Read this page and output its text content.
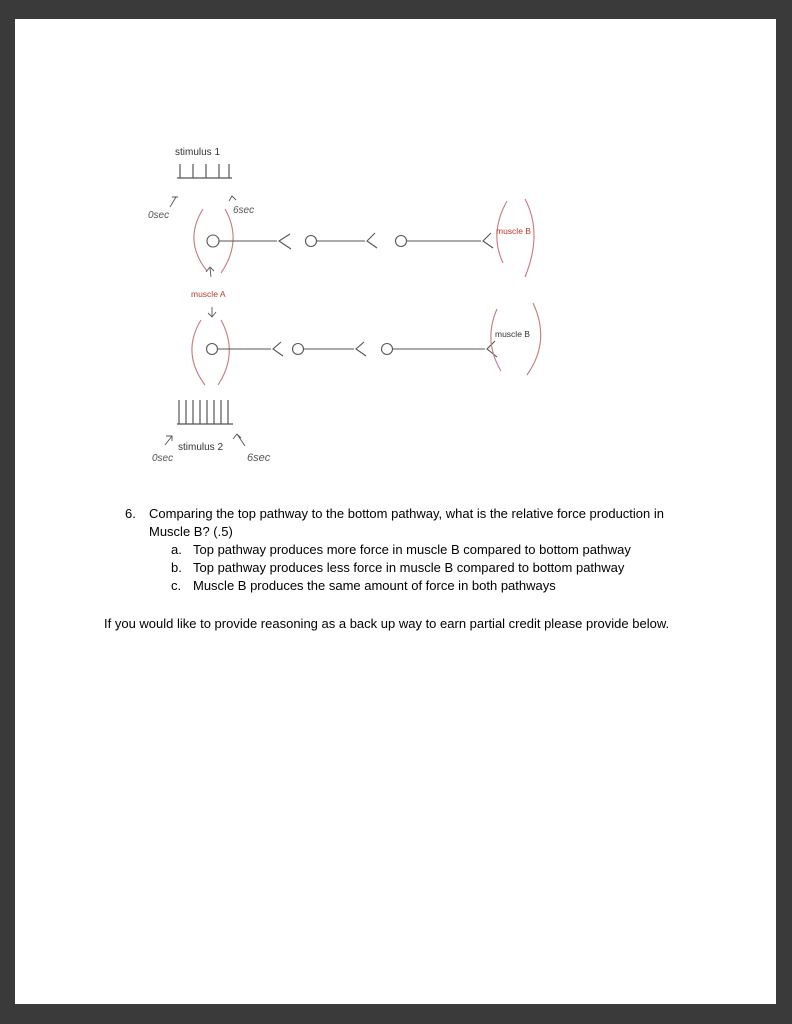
stimulus 1
0sec	6sec
muscle B
muscle A
muscle B
stimulus 2
0sec	6sec
6.	Comparing the top pathway to the bottom pathway, what is the relative force production in Muscle B? (.5)
a. Top pathway produces more force in muscle B compared to bottom pathway
b. Top pathway produces less force in muscle B compared to bottom pathway
c. Muscle B produces the same amount of force in both pathways
If you would like to provide reasoning as a back up way to earn partial credit please provide below.
